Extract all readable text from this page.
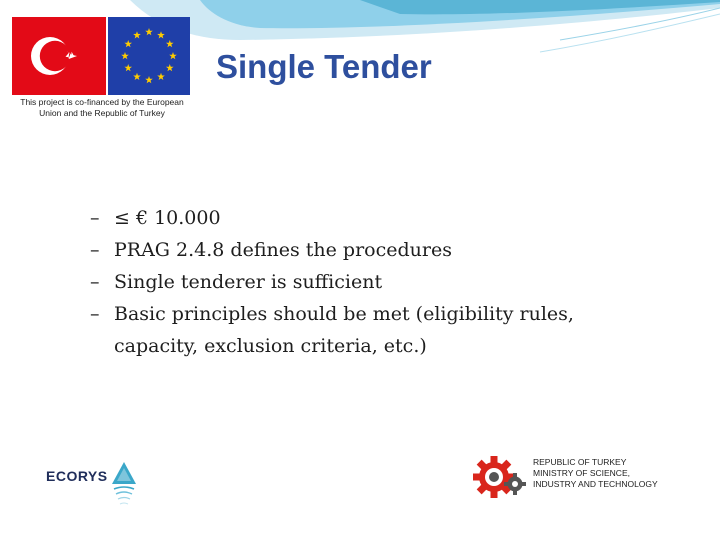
This project is co-financed by the European
Union and the Republic of Turkey
Single Tender
– ≤ € 10.000
– PRAG 2.4.8 defines the procedures
– Single tenderer is sufficient
– Basic principles should be met (eligibility rules, capacity, exclusion criteria, etc.)
ECORYS
REPUBLIC OF TURKEY
MINISTRY OF SCIENCE,
INDUSTRY AND TECHNOLOGY
